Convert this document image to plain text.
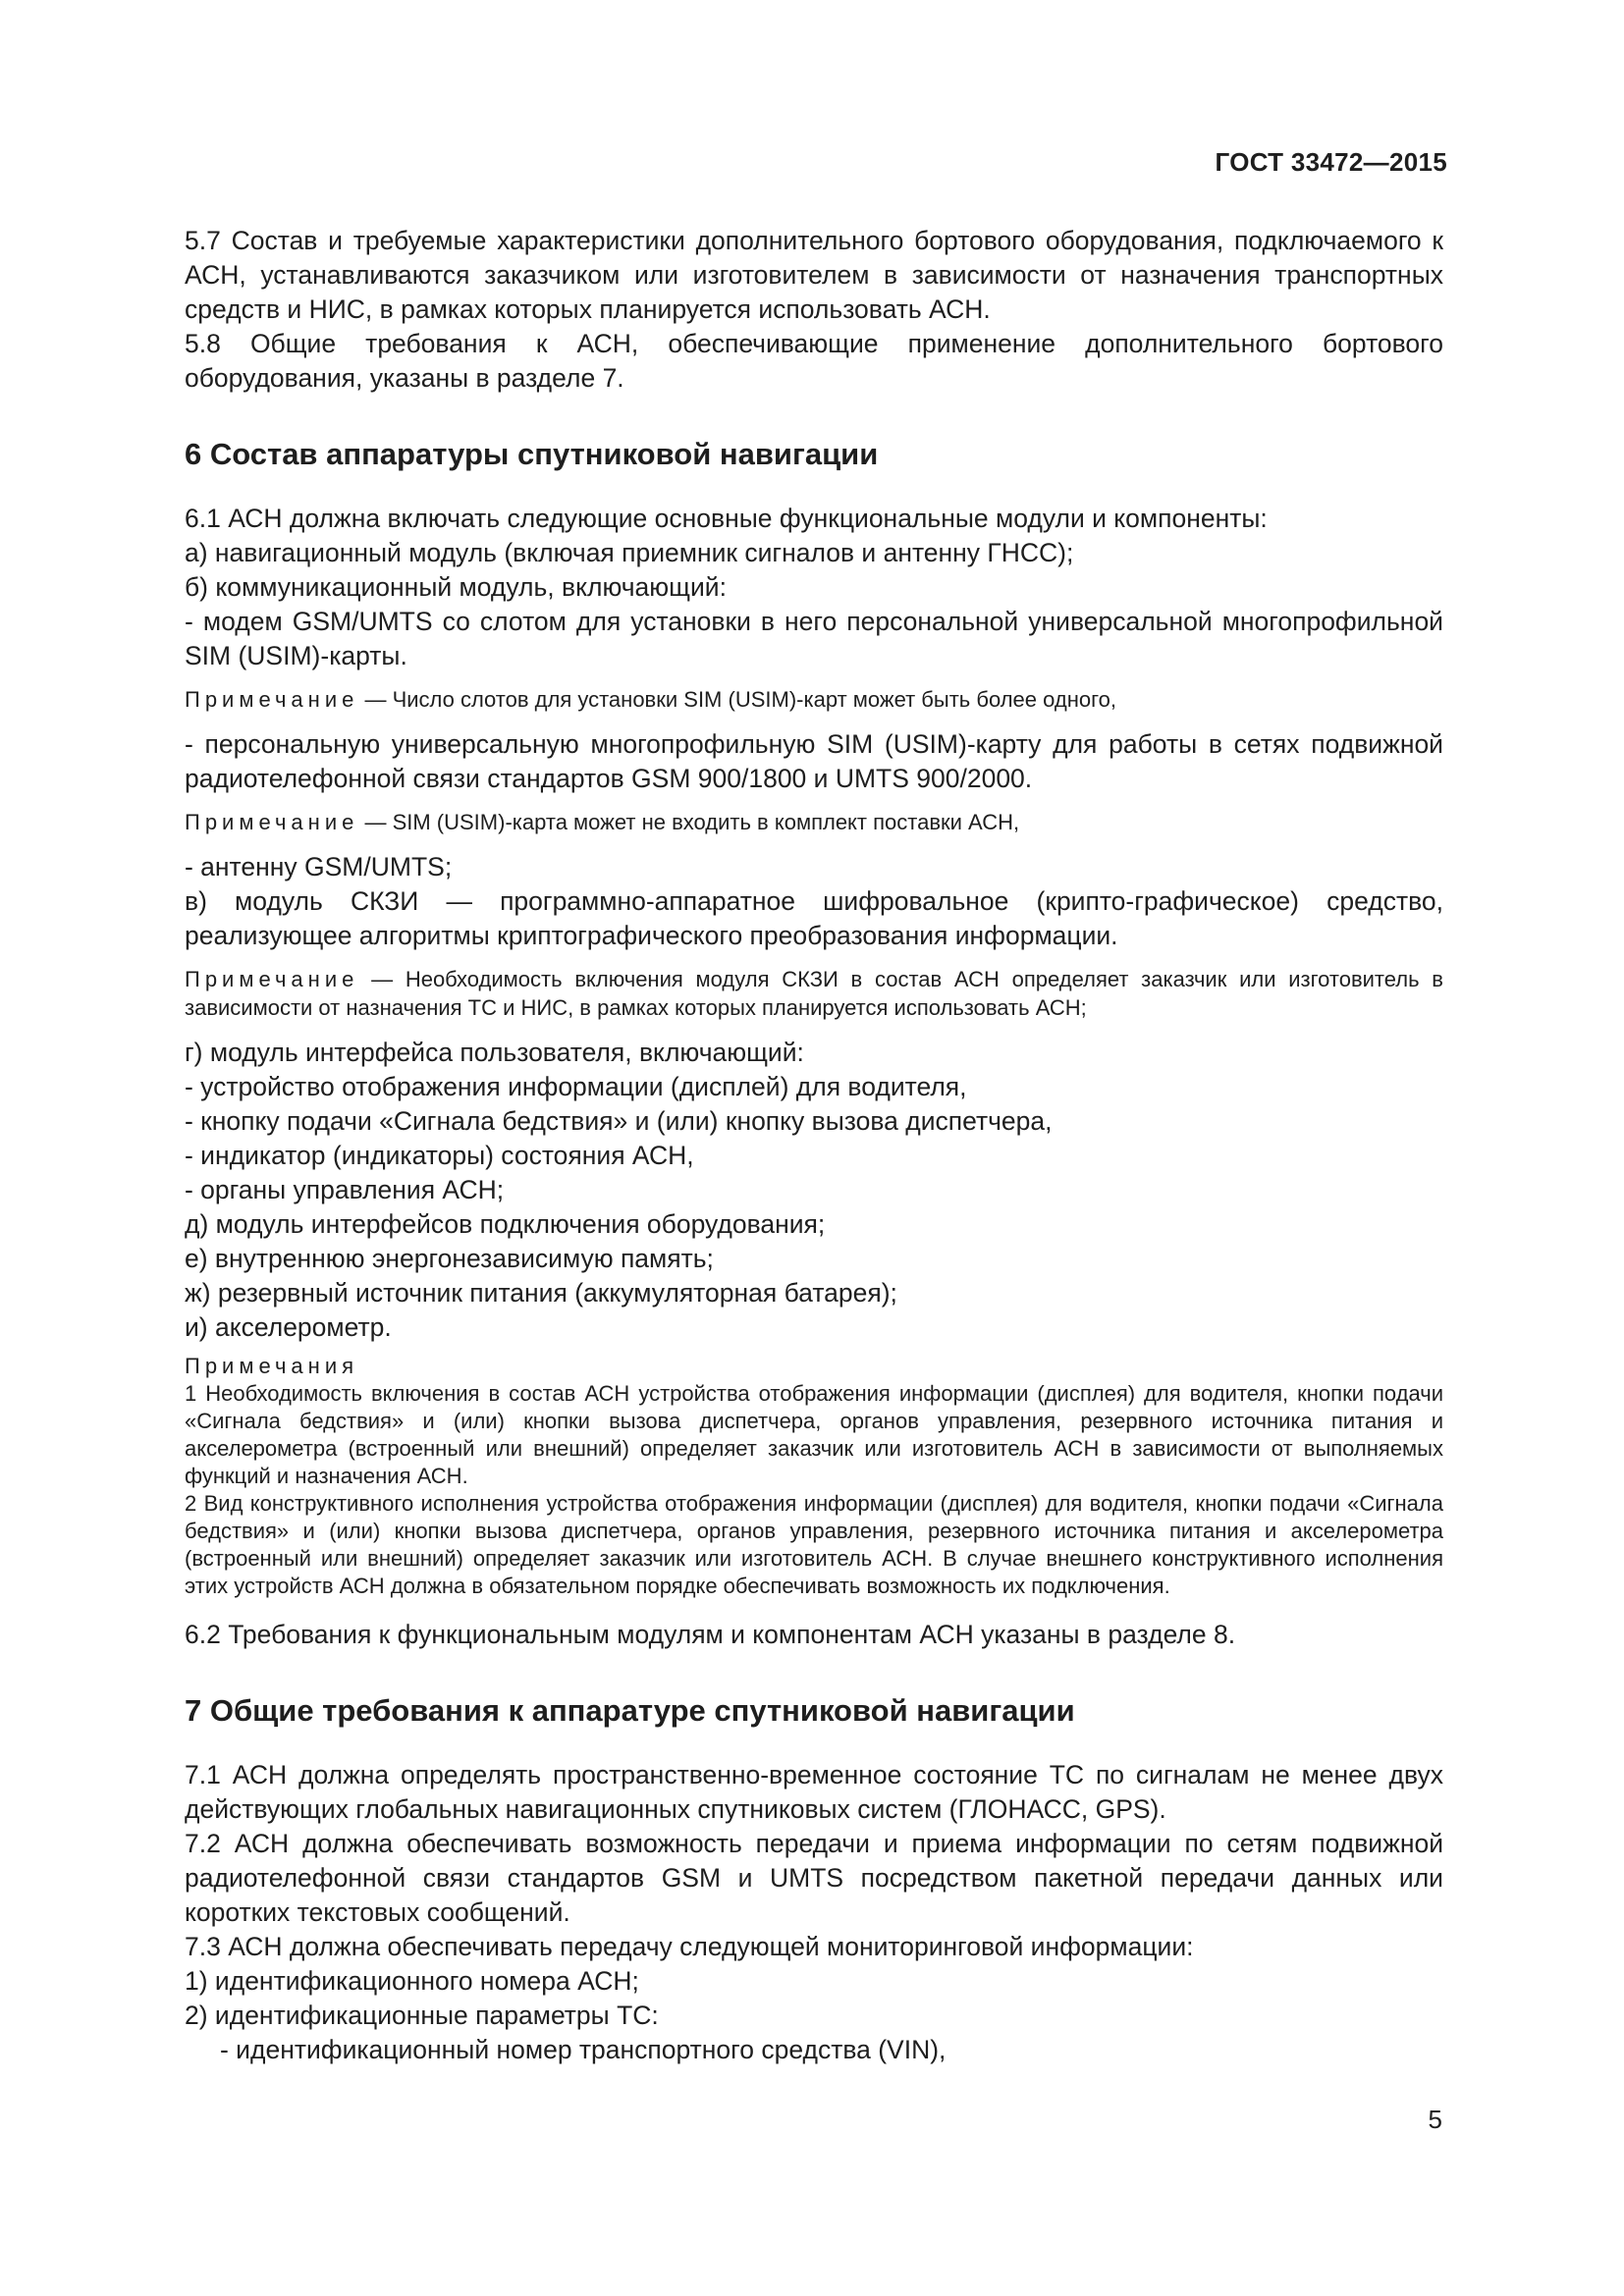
ГОСТ 33472—2015

5.7 Состав и требуемые характеристики дополнительного бортового оборудования, подключаемого к АСН, устанавливаются заказчиком или изготовителем в зависимости от назначения транспортных средств и НИС, в рамках которых планируется использовать АСН.

5.8 Общие требования к АСН, обеспечивающие применение дополнительного бортового оборудования, указаны в разделе 7.

6 Состав аппаратуры спутниковой навигации

6.1 АСН должна включать следующие основные функциональные модули и компоненты:

а) навигационный модуль (включая приемник сигналов и антенну ГНСС);

б) коммуникационный модуль, включающий:

- модем GSM/UMTS со слотом для установки в него персональной универсальной многопрофильной SIM (USIM)-карты.

Примечание — Число слотов для установки SIM (USIM)-карт может быть более одного,

- персональную универсальную многопрофильную SIM (USIM)-карту для работы в сетях подвижной радиотелефонной связи стандартов GSM 900/1800 и UMTS 900/2000.

Примечание — SIM (USIM)-карта может не входить в комплект поставки АСН,

- антенну GSM/UMTS;

в) модуль СКЗИ — программно-аппаратное шифровальное (крипто-графическое) средство, реализующее алгоритмы криптографического преобразования информации.

Примечание — Необходимость включения модуля СКЗИ в состав АСН определяет заказчик или изготовитель в зависимости от назначения ТС и НИС, в рамках которых планируется использовать АСН;

г) модуль интерфейса пользователя, включающий:

- устройство отображения информации (дисплей) для водителя,

- кнопку подачи «Сигнала бедствия» и (или) кнопку вызова диспетчера,

- индикатор (индикаторы) состояния АСН,

- органы управления АСН;

д) модуль интерфейсов подключения оборудования;

е) внутреннюю энергонезависимую память;

ж) резервный источник питания (аккумуляторная батарея);

и) акселерометр.

Примечания

1 Необходимость включения в состав АСН устройства отображения информации (дисплея) для водителя, кнопки подачи «Сигнала бедствия» и (или) кнопки вызова диспетчера, органов управления, резервного источника питания и акселерометра (встроенный или внешний) определяет заказчик или изготовитель АСН в зависимости от выполняемых функций и назначения АСН.

2 Вид конструктивного исполнения устройства отображения информации (дисплея) для водителя, кнопки подачи «Сигнала бедствия» и (или) кнопки вызова диспетчера, органов управления, резервного источника питания и акселерометра (встроенный или внешний) определяет заказчик или изготовитель АСН. В случае внешнего конструктивного исполнения этих устройств АСН должна в обязательном порядке обеспечивать возможность их подключения.

6.2 Требования к функциональным модулям и компонентам АСН указаны в разделе 8.

7 Общие требования к аппаратуре спутниковой навигации

7.1 АСН должна определять пространственно-временное состояние ТС по сигналам не менее двух действующих глобальных навигационных спутниковых систем (ГЛОНАСС, GPS).

7.2 АСН должна обеспечивать возможность передачи и приема информации по сетям подвижной радиотелефонной связи стандартов GSM и UMTS посредством пакетной передачи данных или коротких текстовых сообщений.

7.3 АСН должна обеспечивать передачу следующей мониторинговой информации:

1) идентификационного номера АСН;

2) идентификационные параметры ТС:

- идентификационный номер транспортного средства (VIN),

5
